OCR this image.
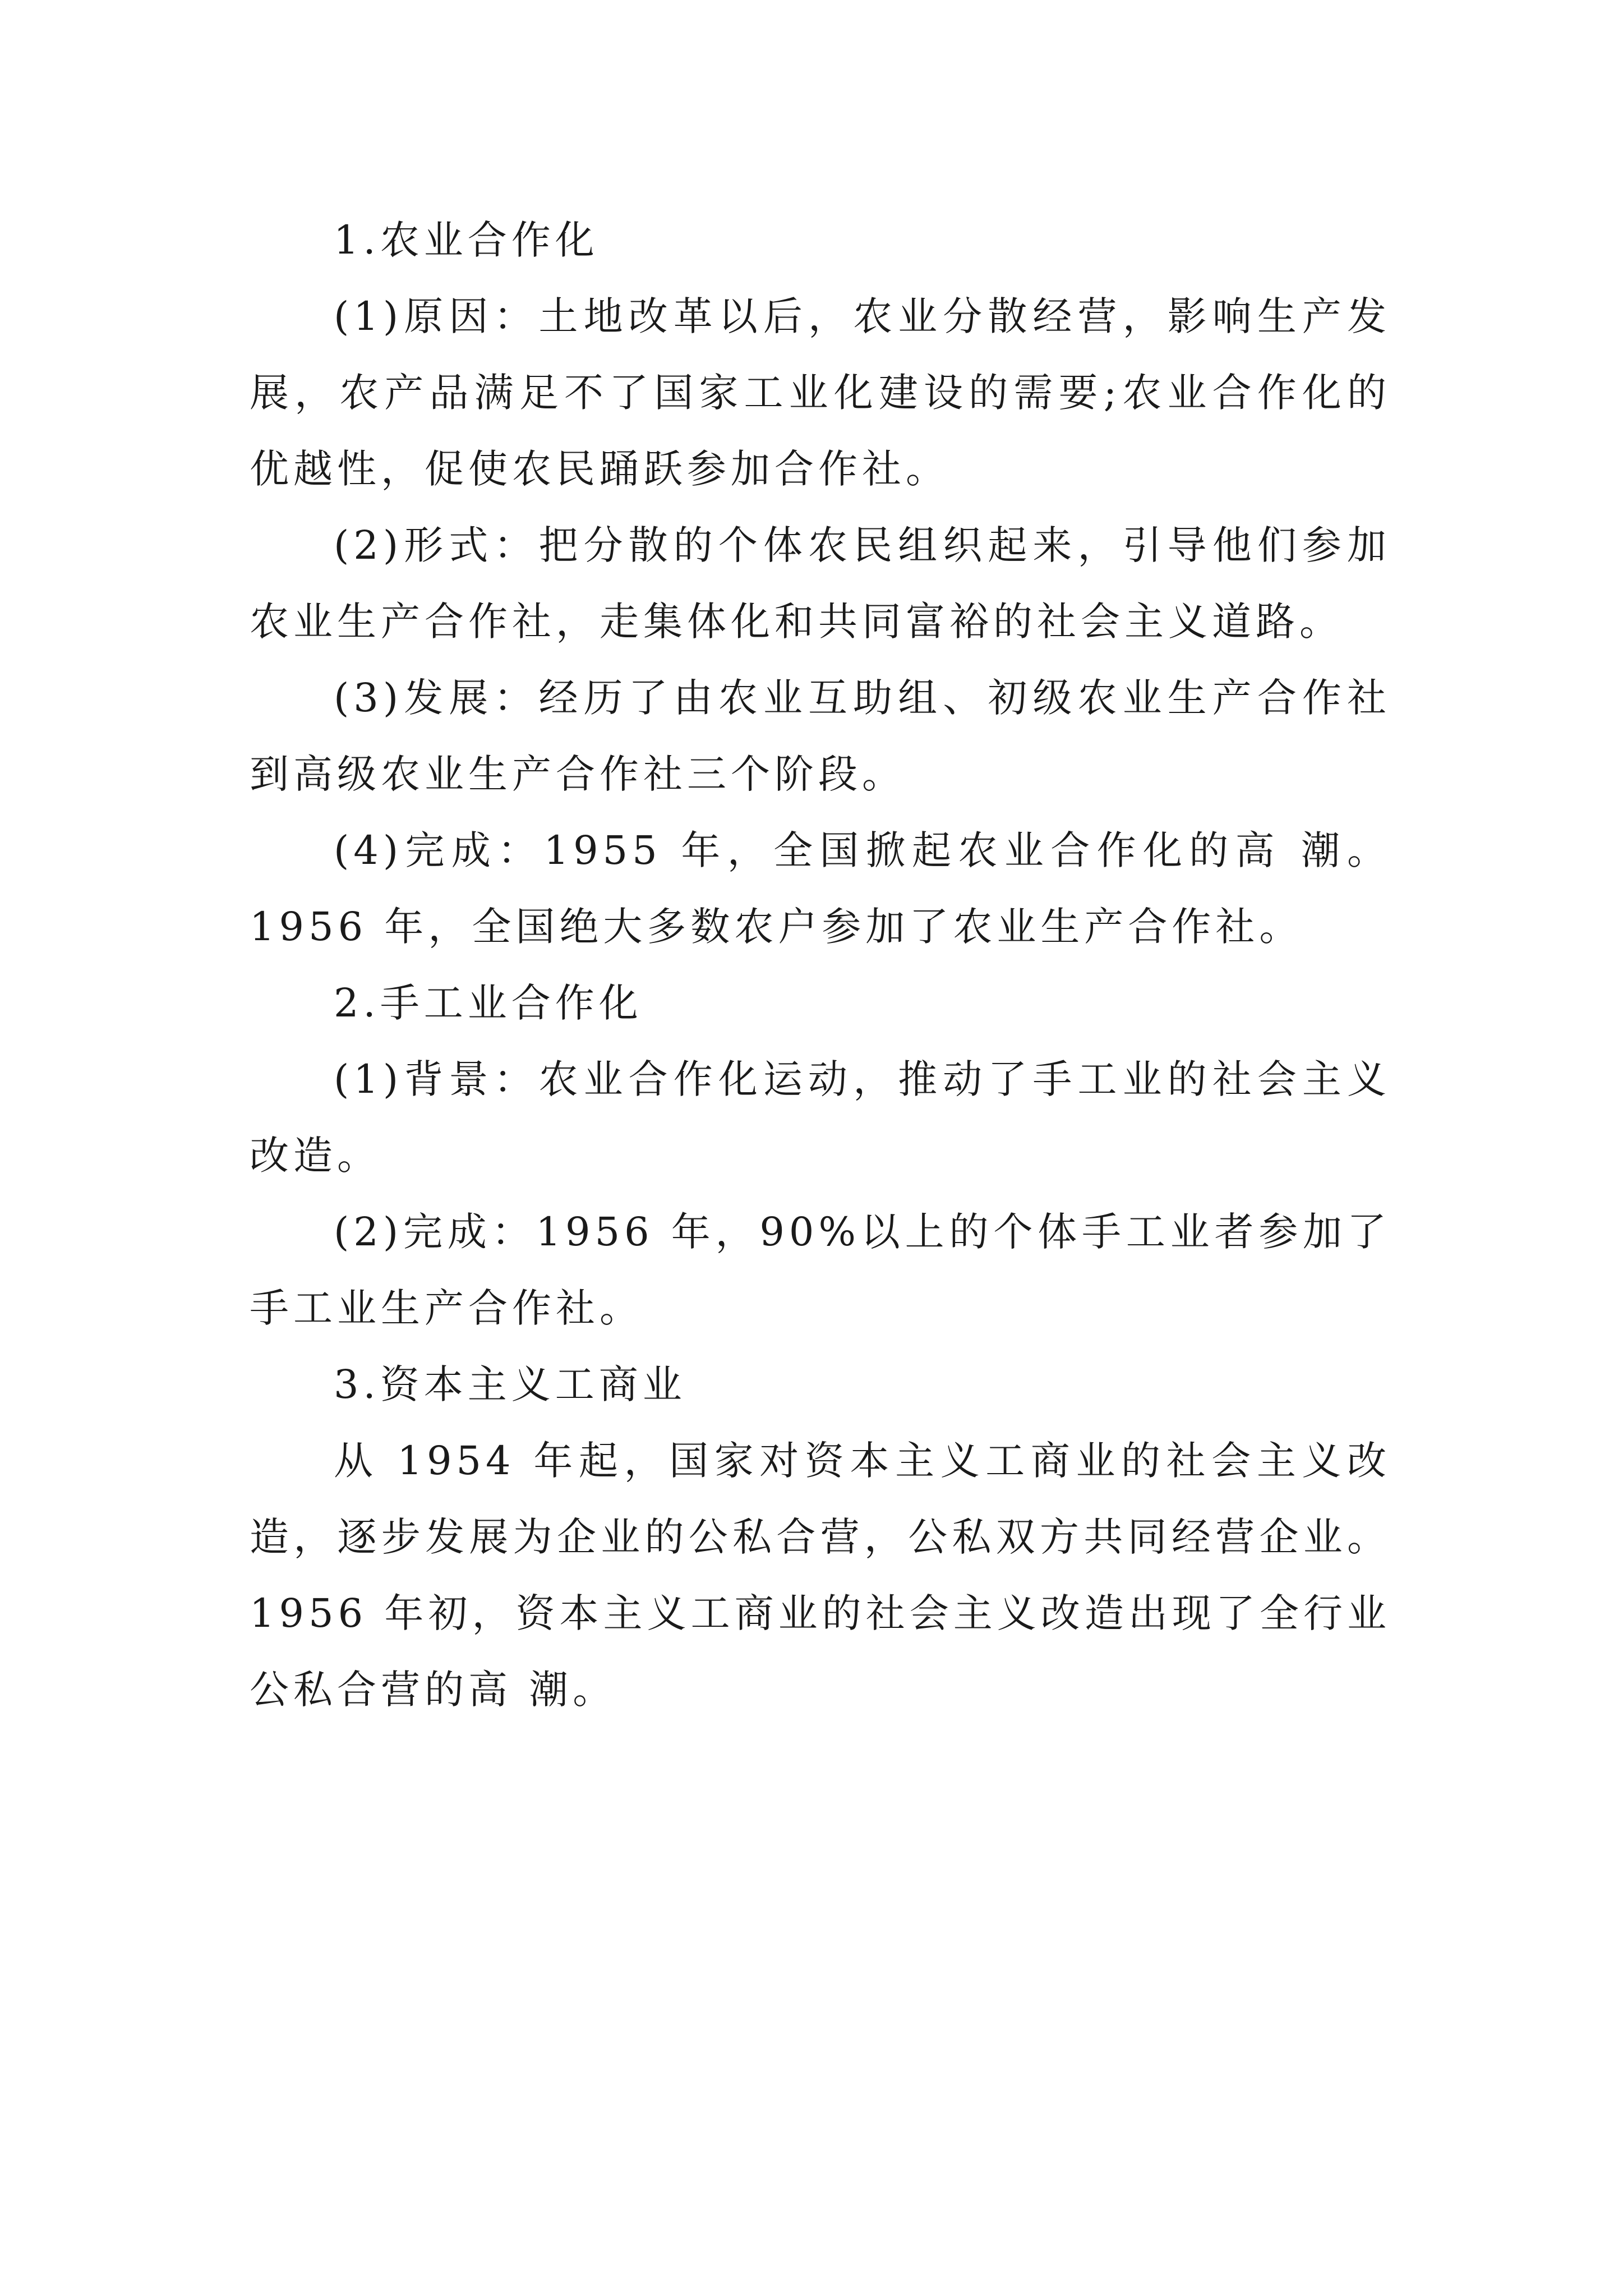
1.农业合作化

(1)原因：土地改革以后，农业分散经营，影响生产发展，农产品满足不了国家工业化建设的需要;农业合作化的优越性，促使农民踊跃参加合作社。

(2)形式：把分散的个体农民组织起来，引导他们参加农业生产合作社，走集体化和共同富裕的社会主义道路。

(3)发展：经历了由农业互助组、初级农业生产合作社到高级农业生产合作社三个阶段。

(4)完成：1955 年，全国掀起农业合作化的高 潮。1956 年，全国绝大多数农户参加了农业生产合作社。

2.手工业合作化

(1)背景：农业合作化运动，推动了手工业的社会主义改造。

(2)完成：1956 年，90%以上的个体手工业者参加了手工业生产合作社。

3.资本主义工商业

从 1954 年起，国家对资本主义工商业的社会主义改造，逐步发展为企业的公私合营，公私双方共同经营企业。1956 年初，资本主义工商业的社会主义改造出现了全行业公私合营的高 潮。
